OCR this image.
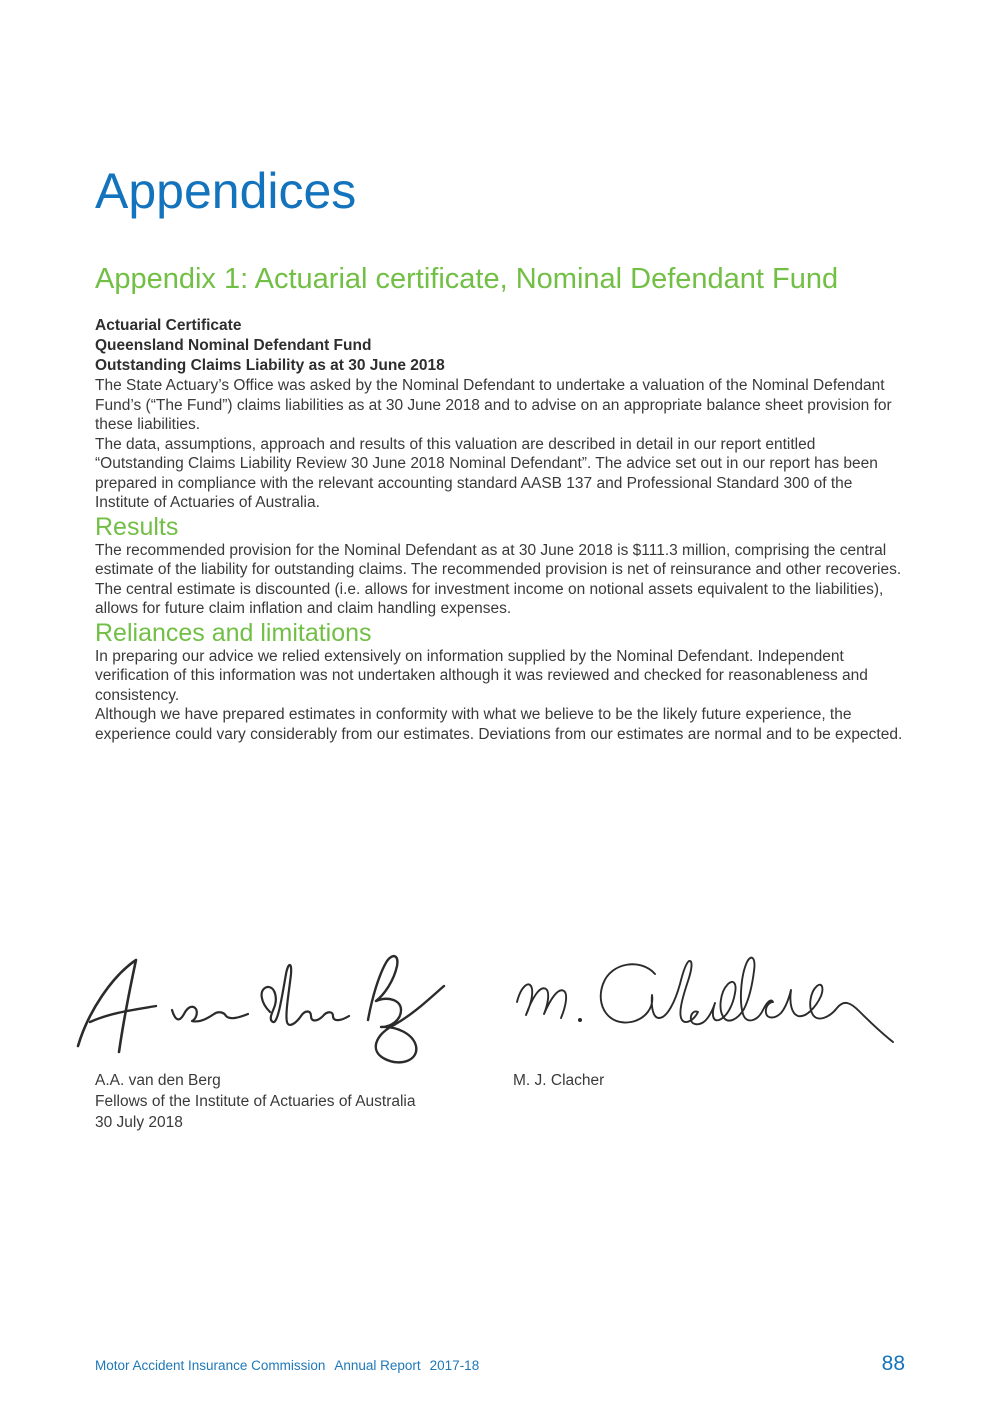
Appendices
Appendix 1: Actuarial certificate, Nominal Defendant Fund
Actuarial Certificate
Queensland Nominal Defendant Fund
Outstanding Claims Liability as at 30 June 2018

The State Actuary’s Office was asked by the Nominal Defendant to undertake a valuation of the Nominal Defendant Fund’s (“The Fund”) claims liabilities as at 30 June 2018 and to advise on an appropriate balance sheet provision for these liabilities.

The data, assumptions, approach and results of this valuation are described in detail in our report entitled “Outstanding Claims Liability Review 30 June 2018 Nominal Defendant”. The advice set out in our report has been prepared in compliance with the relevant accounting standard AASB 137 and Professional Standard 300 of the Institute of Actuaries of Australia.

Results

The recommended provision for the Nominal Defendant as at 30 June 2018 is $111.3 million, comprising the central estimate of the liability for outstanding claims. The recommended provision is net of reinsurance and other recoveries. The central estimate is discounted (i.e. allows for investment income on notional assets equivalent to the liabilities), allows for future claim inflation and claim handling expenses.

Reliances and limitations

In preparing our advice we relied extensively on information supplied by the Nominal Defendant. Independent verification of this information was not undertaken although it was reviewed and checked for reasonableness and consistency.

Although we have prepared estimates in conformity with what we believe to be the likely future experience, the experience could vary considerably from our estimates. Deviations from our estimates are normal and to be expected.

A.A. van den Berg
Fellows of the Institute of Actuaries of Australia
30 July 2018
M. J. Clacher
Motor Accident Insurance Commission Annual Report 2017-18	88
